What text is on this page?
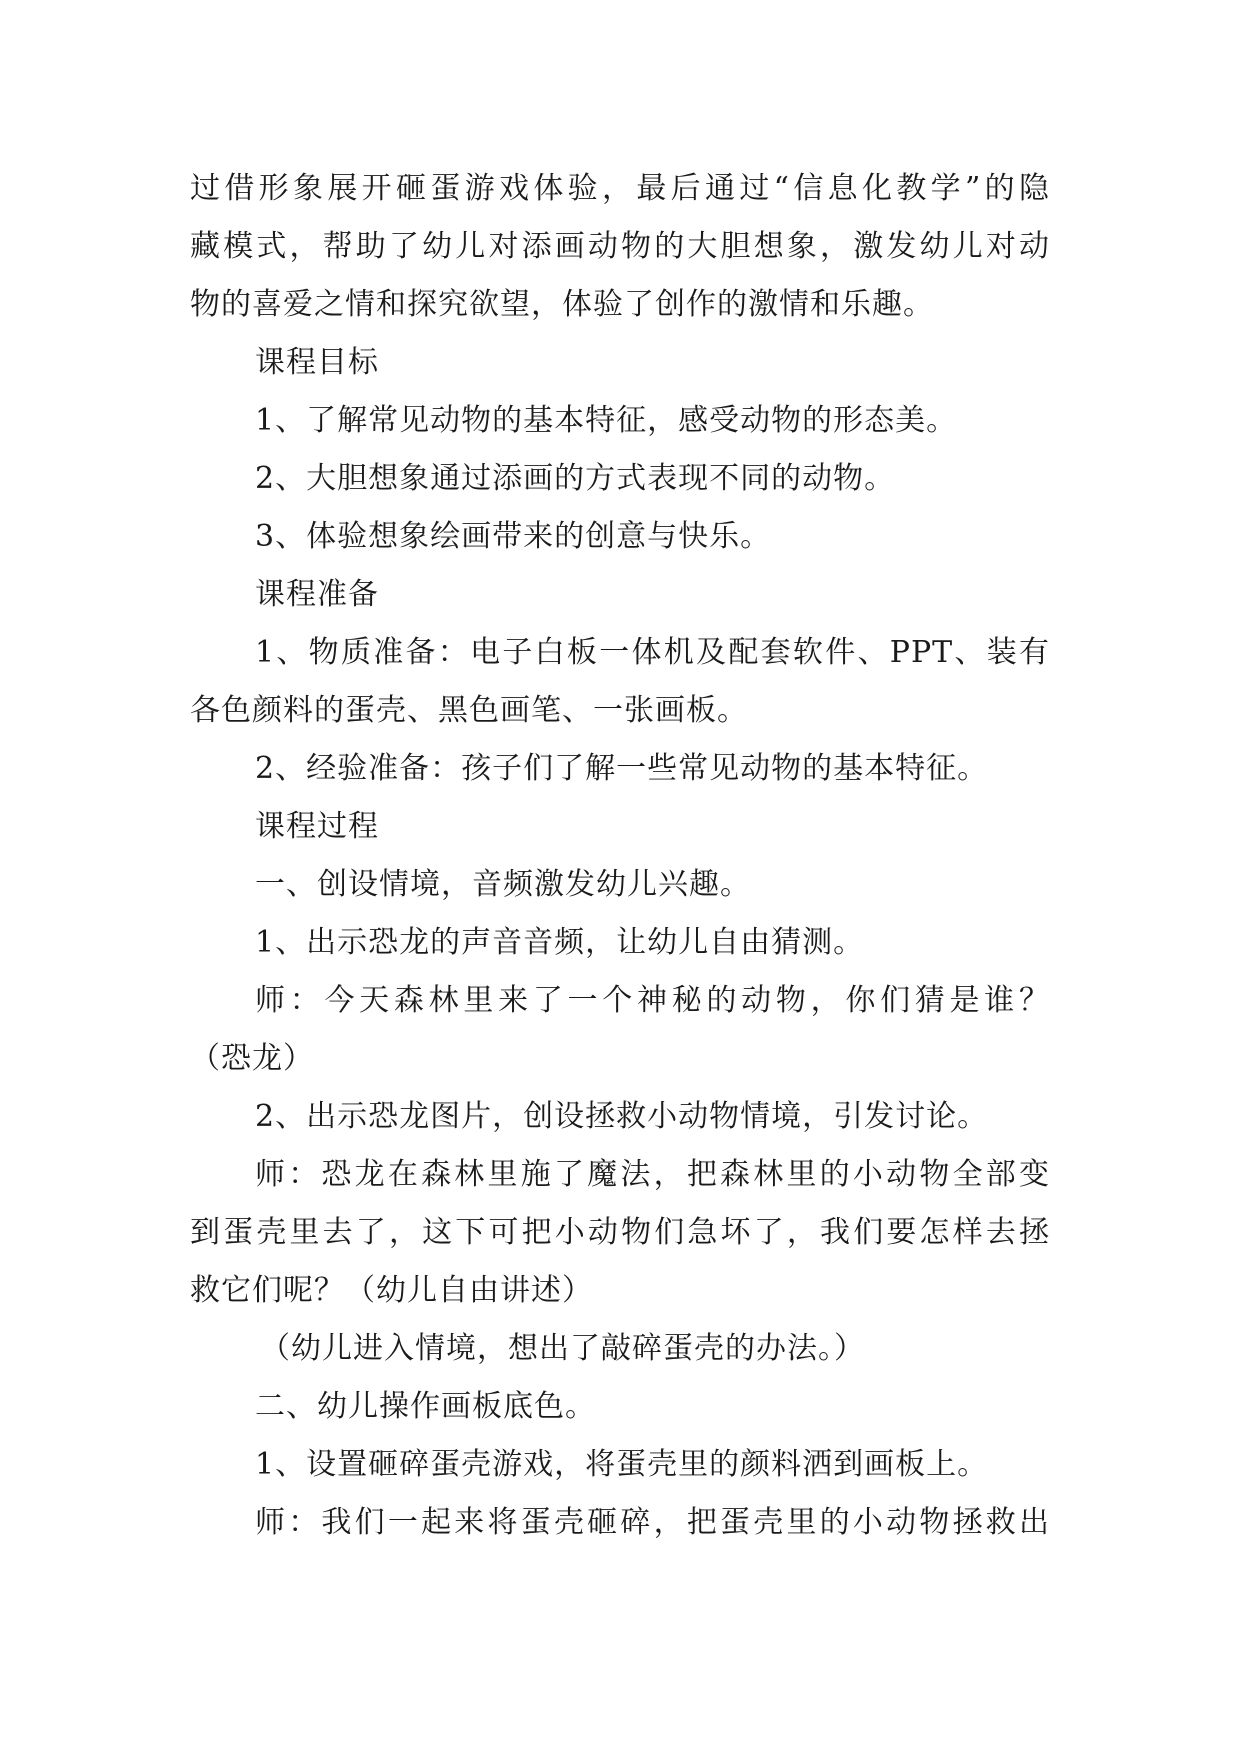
过借形象展开砸蛋游戏体验，最后通过“信息化教学”的隐
藏模式，帮助了幼儿对添画动物的大胆想象，激发幼儿对动
物的喜爱之情和探究欲望，体验了创作的激情和乐趣。
课程目标
1、了解常见动物的基本特征，感受动物的形态美。
2、大胆想象通过添画的方式表现不同的动物。
3、体验想象绘画带来的创意与快乐。
课程准备
1、物质准备：电子白板一体机及配套软件、PPT、装有
各色颜料的蛋壳、黑色画笔、一张画板。
2、经验准备：孩子们了解一些常见动物的基本特征。
课程过程
一、创设情境，音频激发幼儿兴趣。
1、出示恐龙的声音音频，让幼儿自由猜测。
师：今天森林里来了一个神秘的动物，你们猜是谁？
（恐龙）
2、出示恐龙图片，创设拯救小动物情境，引发讨论。
师：恐龙在森林里施了魔法，把森林里的小动物全部变
到蛋壳里去了，这下可把小动物们急坏了，我们要怎样去拯
救它们呢？（幼儿自由讲述）
（幼儿进入情境，想出了敲碎蛋壳的办法。）
二、幼儿操作画板底色。
1、设置砸碎蛋壳游戏，将蛋壳里的颜料洒到画板上。
师：我们一起来将蛋壳砸碎，把蛋壳里的小动物拯救出
